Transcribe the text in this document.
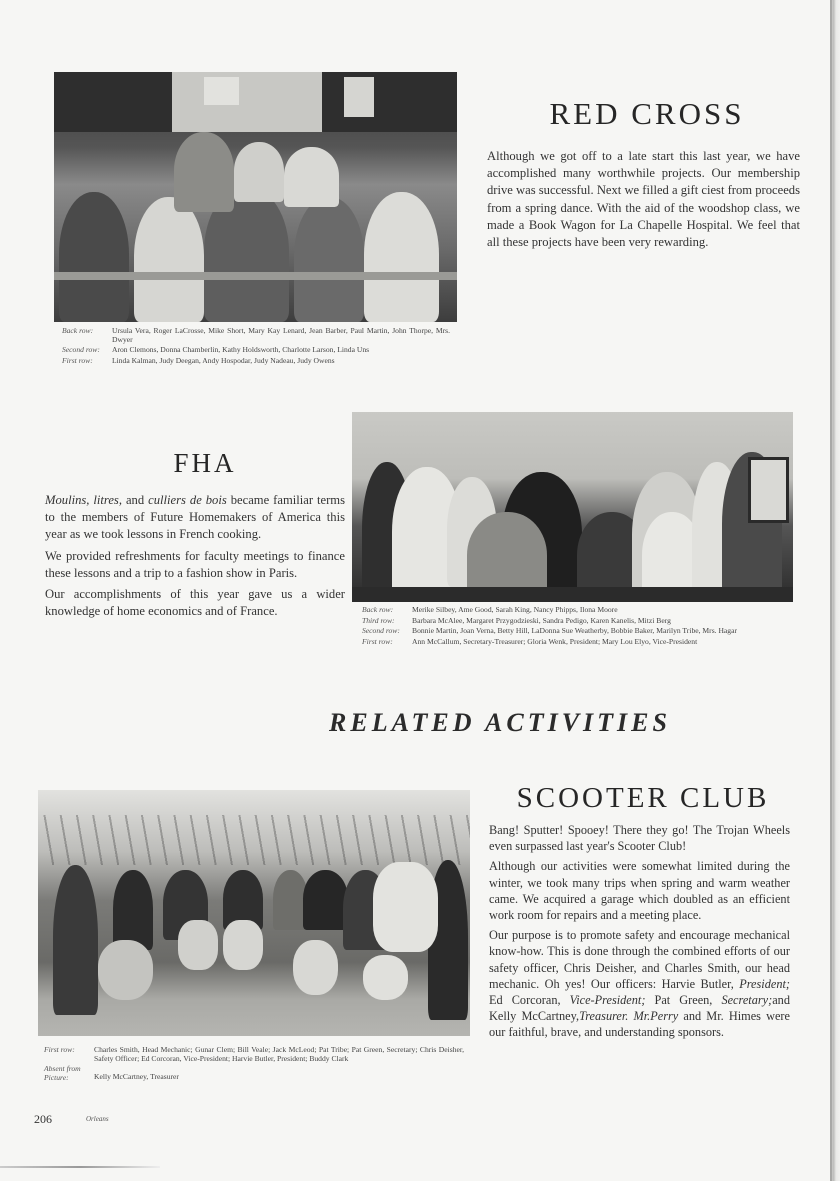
RED CROSS

Although we got off to a late start this last year, we have accomplished many worthwhile projects. Our membership drive was successful. Next we filled a gift ciest from proceeds from a spring dance. With the aid of the woodshop class, we made a Book Wagon for La Chapelle Hospital. We feel that all these projects have been very rewarding.

Back row:	Ursula Vera, Roger LaCrosse, Mike Short, Mary Kay Lenard, Jean Barber, Paul Martin, John Thorpe, Mrs. Dwyer
Second row:	Aron Clemons, Donna Chamberlin, Kathy Holdsworth, Charlotte Larson, Linda Uns
First row:	Linda Kalman, Judy Deegan, Andy Hospodar, Judy Nadeau, Judy Owens
FHA

Moulins, litres, and culliers de bois became familiar terms to the members of Future Homemakers of America this year as we took lessons in French cooking.

We provided refreshments for faculty meetings to finance these lessons and a trip to a fashion show in Paris.

Our accomplishments of this year gave us a wider knowledge of home economics and of France.	Back row:	Merike Silbey, Ame Good, Sarah King, Nancy Phipps, Ilona Moore
Third row:	Barbara McAlee, Margaret Przygodzieski, Sandra Pedigo, Karen Kanelis, Mitzi Berg
Second row:	Bonnie Martin, Joan Verna, Betty Hill, LaDonna Sue Weatherby, Bobbie Baker, Marilyn Tribe, Mrs. Hagar
First row:	Ann McCallum, Secretary-Treasurer; Gloria Wenk, President; Mary Lou Elyo, Vice-President
RELATED ACTIVITIES
SCOOTER CLUB

Bang! Sputter! Spooey! There they go! The Trojan Wheels even surpassed last year's Scooter Club!

Although our activities were somewhat limited during the winter, we took many trips when spring and warm weather came. We acquired a garage which doubled as an efficient work room for repairs and a meeting place.

Our purpose is to promote safety and encourage mechanical know-how. This is done through the combined efforts of our safety officer, Chris Deisher, and Charles Smith, our head mechanic. Oh yes! Our officers: Harvie Butler, President; Ed Corcoran, Vice-President; Pat Green, Secretary;and Kelly McCartney,Treasurer. Mr.Perry and Mr. Himes were our faithful, brave, and understanding sponsors.

First row:	Charles Smith, Head Mechanic; Gunar Clem; Bill Veale; Jack McLeod; Pat Tribe; Pat Green, Secretary; Chris Deisher, Safety Officer; Ed Corcoran, Vice-President; Harvie Butler, President; Buddy Clark
Absent from Picture:	Kelly McCartney, Treasurer
206	Orleans
